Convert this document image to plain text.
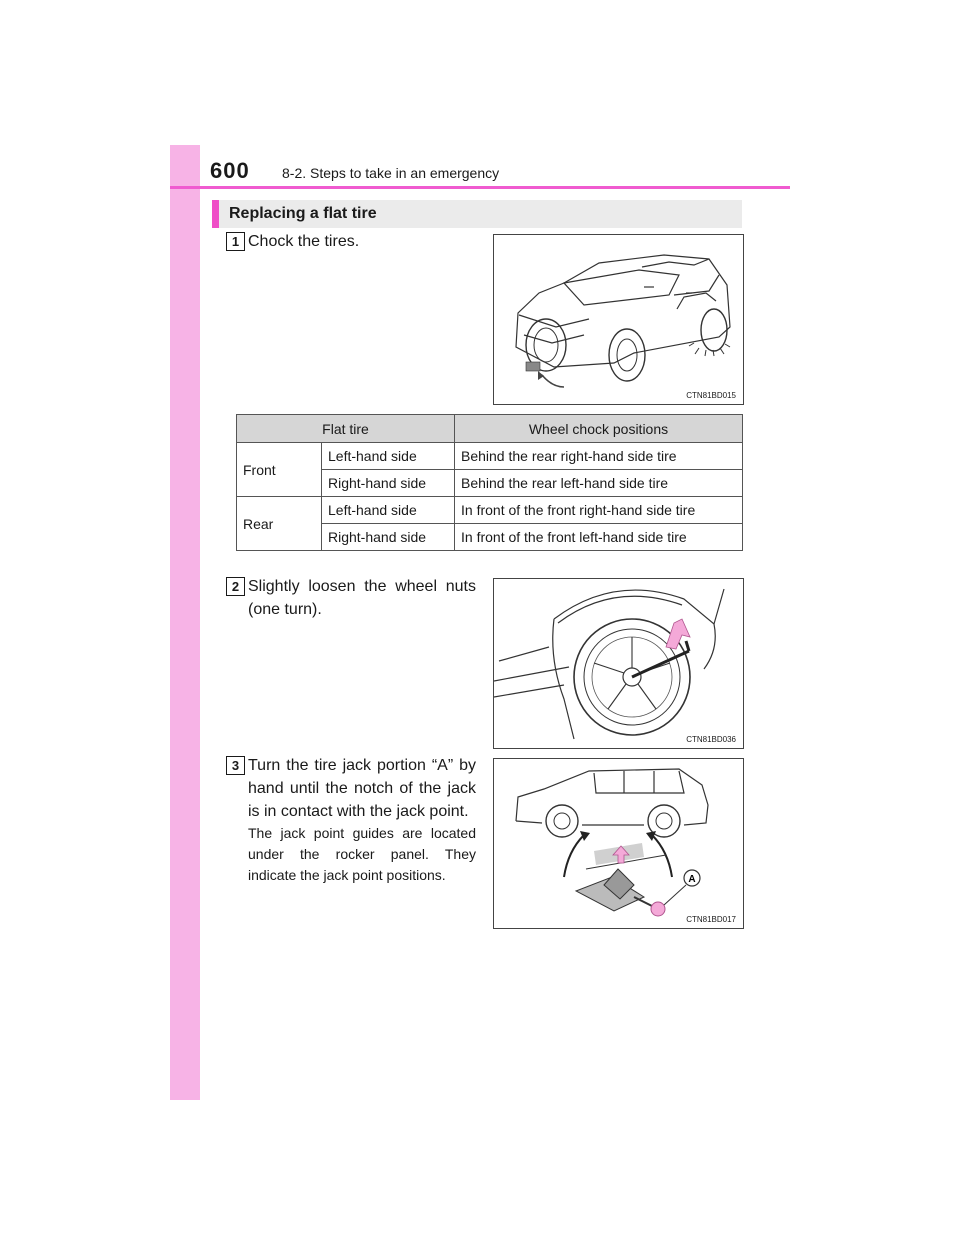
600 8-2. Steps to take in an emergency
Replacing a flat tire
1 Chock the tires.
CTN81BD015
Flat tire		Wheel chock positions
Front	Left-hand side	Behind the rear right-hand side tire
	Right-hand side	Behind the rear left-hand side tire
Rear	Left-hand side	In front of the front right-hand side tire
	Right-hand side	In front of the front left-hand side tire
2 Slightly loosen the wheel nuts (one turn).
CTN81BD036
3 Turn the tire jack portion “A” by hand until the notch of the jack is in contact with the jack point.
The jack point guides are located under the rocker panel. They indicate the jack point positions.	A
CTN81BD017
